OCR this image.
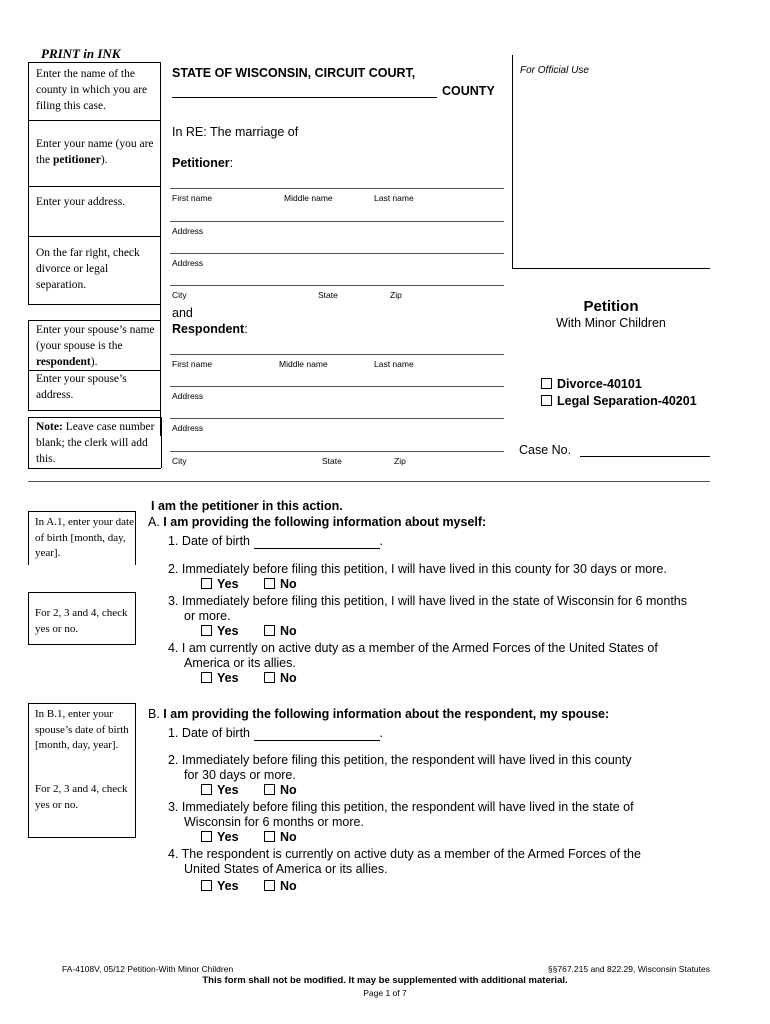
PRINT in INK
STATE OF WISCONSIN, CIRCUIT COURT,
COUNTY
For Official Use
Enter the name of the county in which you are filing this case.
Enter your name (you are the petitioner).
Enter your address.
On the far right, check divorce or legal separation.
Enter your spouse’s name (your spouse is the respondent).
Enter your spouse’s address.
Note: Leave case number blank; the clerk will add this.
In RE: The marriage of
Petitioner:
First name	Middle name	Last name
Address
Address
City	State	Zip
and
Respondent:
First name	Middle name	Last name
Address
Address
City	State	Zip
Petition
With Minor Children
Divorce-40101
Legal Separation-40201
Case No.
In A.1, enter your date of birth [month, day, year].
For 2, 3 and 4, check yes or no.
In B.1, enter your spouse’s date of birth [month, day, year].
For 2, 3 and 4, check yes or no.
I am the petitioner in this action.
A. I am providing the following information about myself:
1. Date of birth	.
2. Immediately before filing this petition, I will have lived in this county for 30 days or more.
Yes	No
3. Immediately before filing this petition, I will have lived in the state of Wisconsin for 6 months
or more.
Yes	No
4. I am currently on active duty as a member of the Armed Forces of the United States of
America or its allies.
Yes	No
B. I am providing the following information about the respondent, my spouse:
1. Date of birth	.
2. Immediately before filing this petition, the respondent will have lived in this county
for 30 days or more.
Yes	No
3. Immediately before filing this petition, the respondent will have lived in the state of
Wisconsin for 6 months or more.
Yes	No
4. The respondent is currently on active duty as a member of the Armed Forces of the
United States of America or its allies.
Yes	No
FA-4108V, 05/12 Petition-With Minor Children	§§767.215 and 822.29, Wisconsin Statutes
This form shall not be modified. It may be supplemented with additional material.
Page 1 of 7
